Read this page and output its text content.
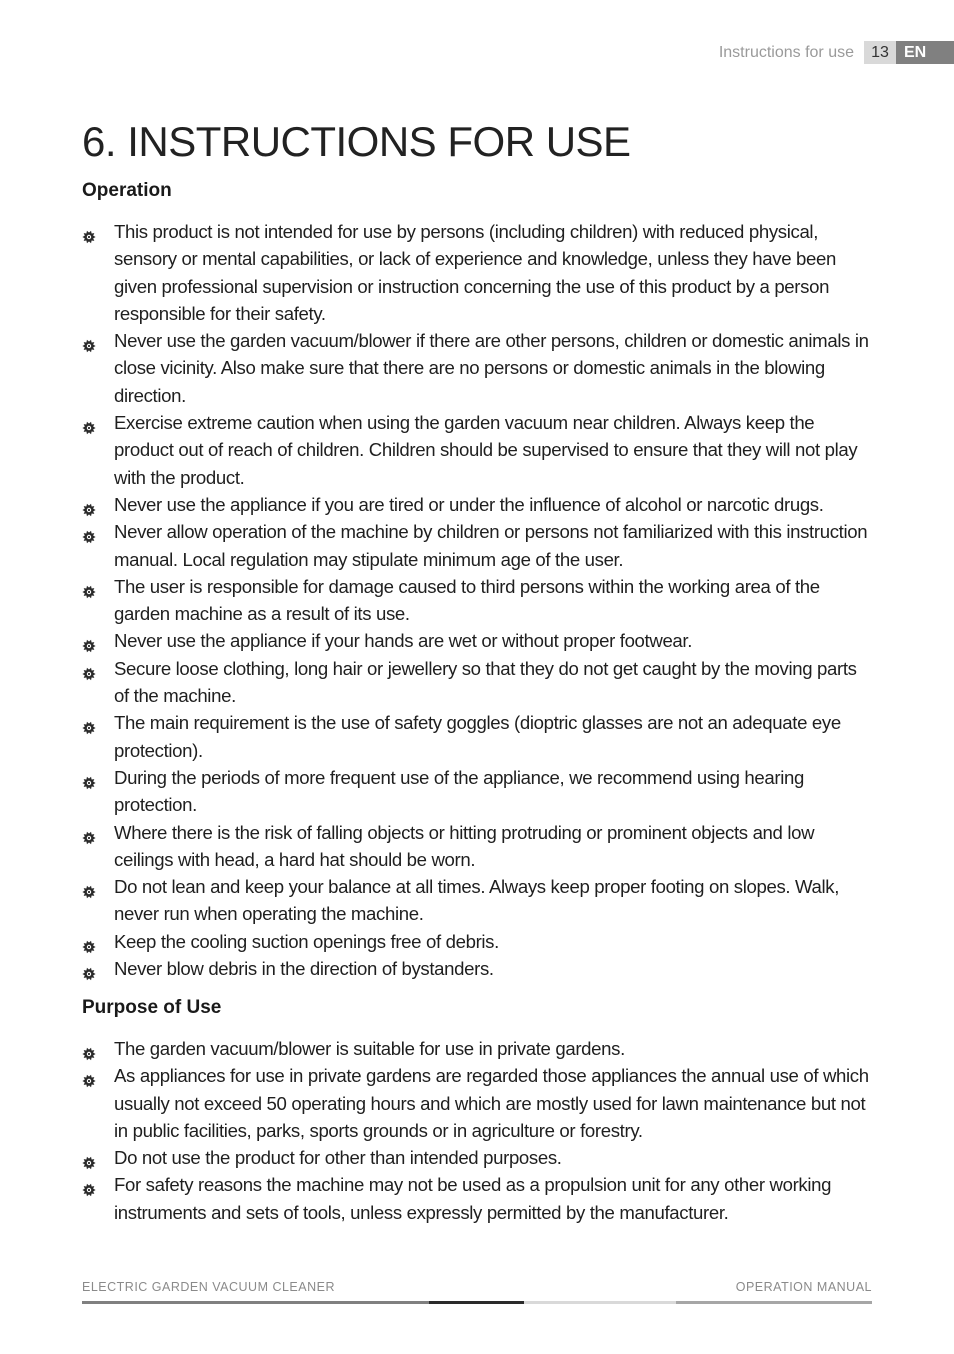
Instructions for use	13 EN
6. INSTRUCTIONS FOR USE
Operation
This product is not intended for use by persons (including children) with reduced physical, sensory or mental capabilities, or lack of experience and knowledge, unless they have been given professional supervision or instruction concerning the use of this product by a person responsible for their safety.
Never use the garden vacuum/blower if there are other persons, children or domestic animals in close vicinity. Also make sure that there are no persons or domestic animals in the blowing direction.
Exercise extreme caution when using the garden vacuum near children. Always keep the product out of reach of children. Children should be supervised to ensure that they will not play with the product.
Never use the appliance if you are tired or under the influence of alcohol or narcotic drugs.
Never allow operation of the machine by children or persons not familiarized with this instruction manual. Local regulation may stipulate minimum age of the user.
The user is responsible for damage caused to third persons within the working area of the garden machine as a result of its use.
Never use the appliance if your hands are wet or without proper footwear.
Secure loose clothing, long hair or jewellery so that they do not get caught by the moving parts of the machine.
The main requirement is the use of safety goggles (dioptric glasses are not an adequate eye protection).
During the periods of more frequent use of the appliance, we recommend using hearing protection.
Where there is the risk of falling objects or hitting protruding or prominent objects and low ceilings with head, a hard hat should be worn.
Do not lean and keep your balance at all times. Always keep proper footing on slopes. Walk, never run when operating the machine.
Keep the cooling suction openings free of debris.
Never blow debris in the direction of bystanders.
Purpose of Use
The garden vacuum/blower is suitable for use in private gardens.
As appliances for use in private gardens are regarded those appliances the annual use of which usually not exceed 50 operating hours and which are mostly used for lawn maintenance but not in public facilities, parks, sports grounds or in agriculture or forestry.
Do not use the product for other than intended purposes.
For safety reasons the machine may not be used as a propulsion unit for any other working instruments and sets of tools, unless expressly permitted by the manufacturer.
ELECTRIC GARDEN VACUUM CLEANER	OPERATION MANUAL
